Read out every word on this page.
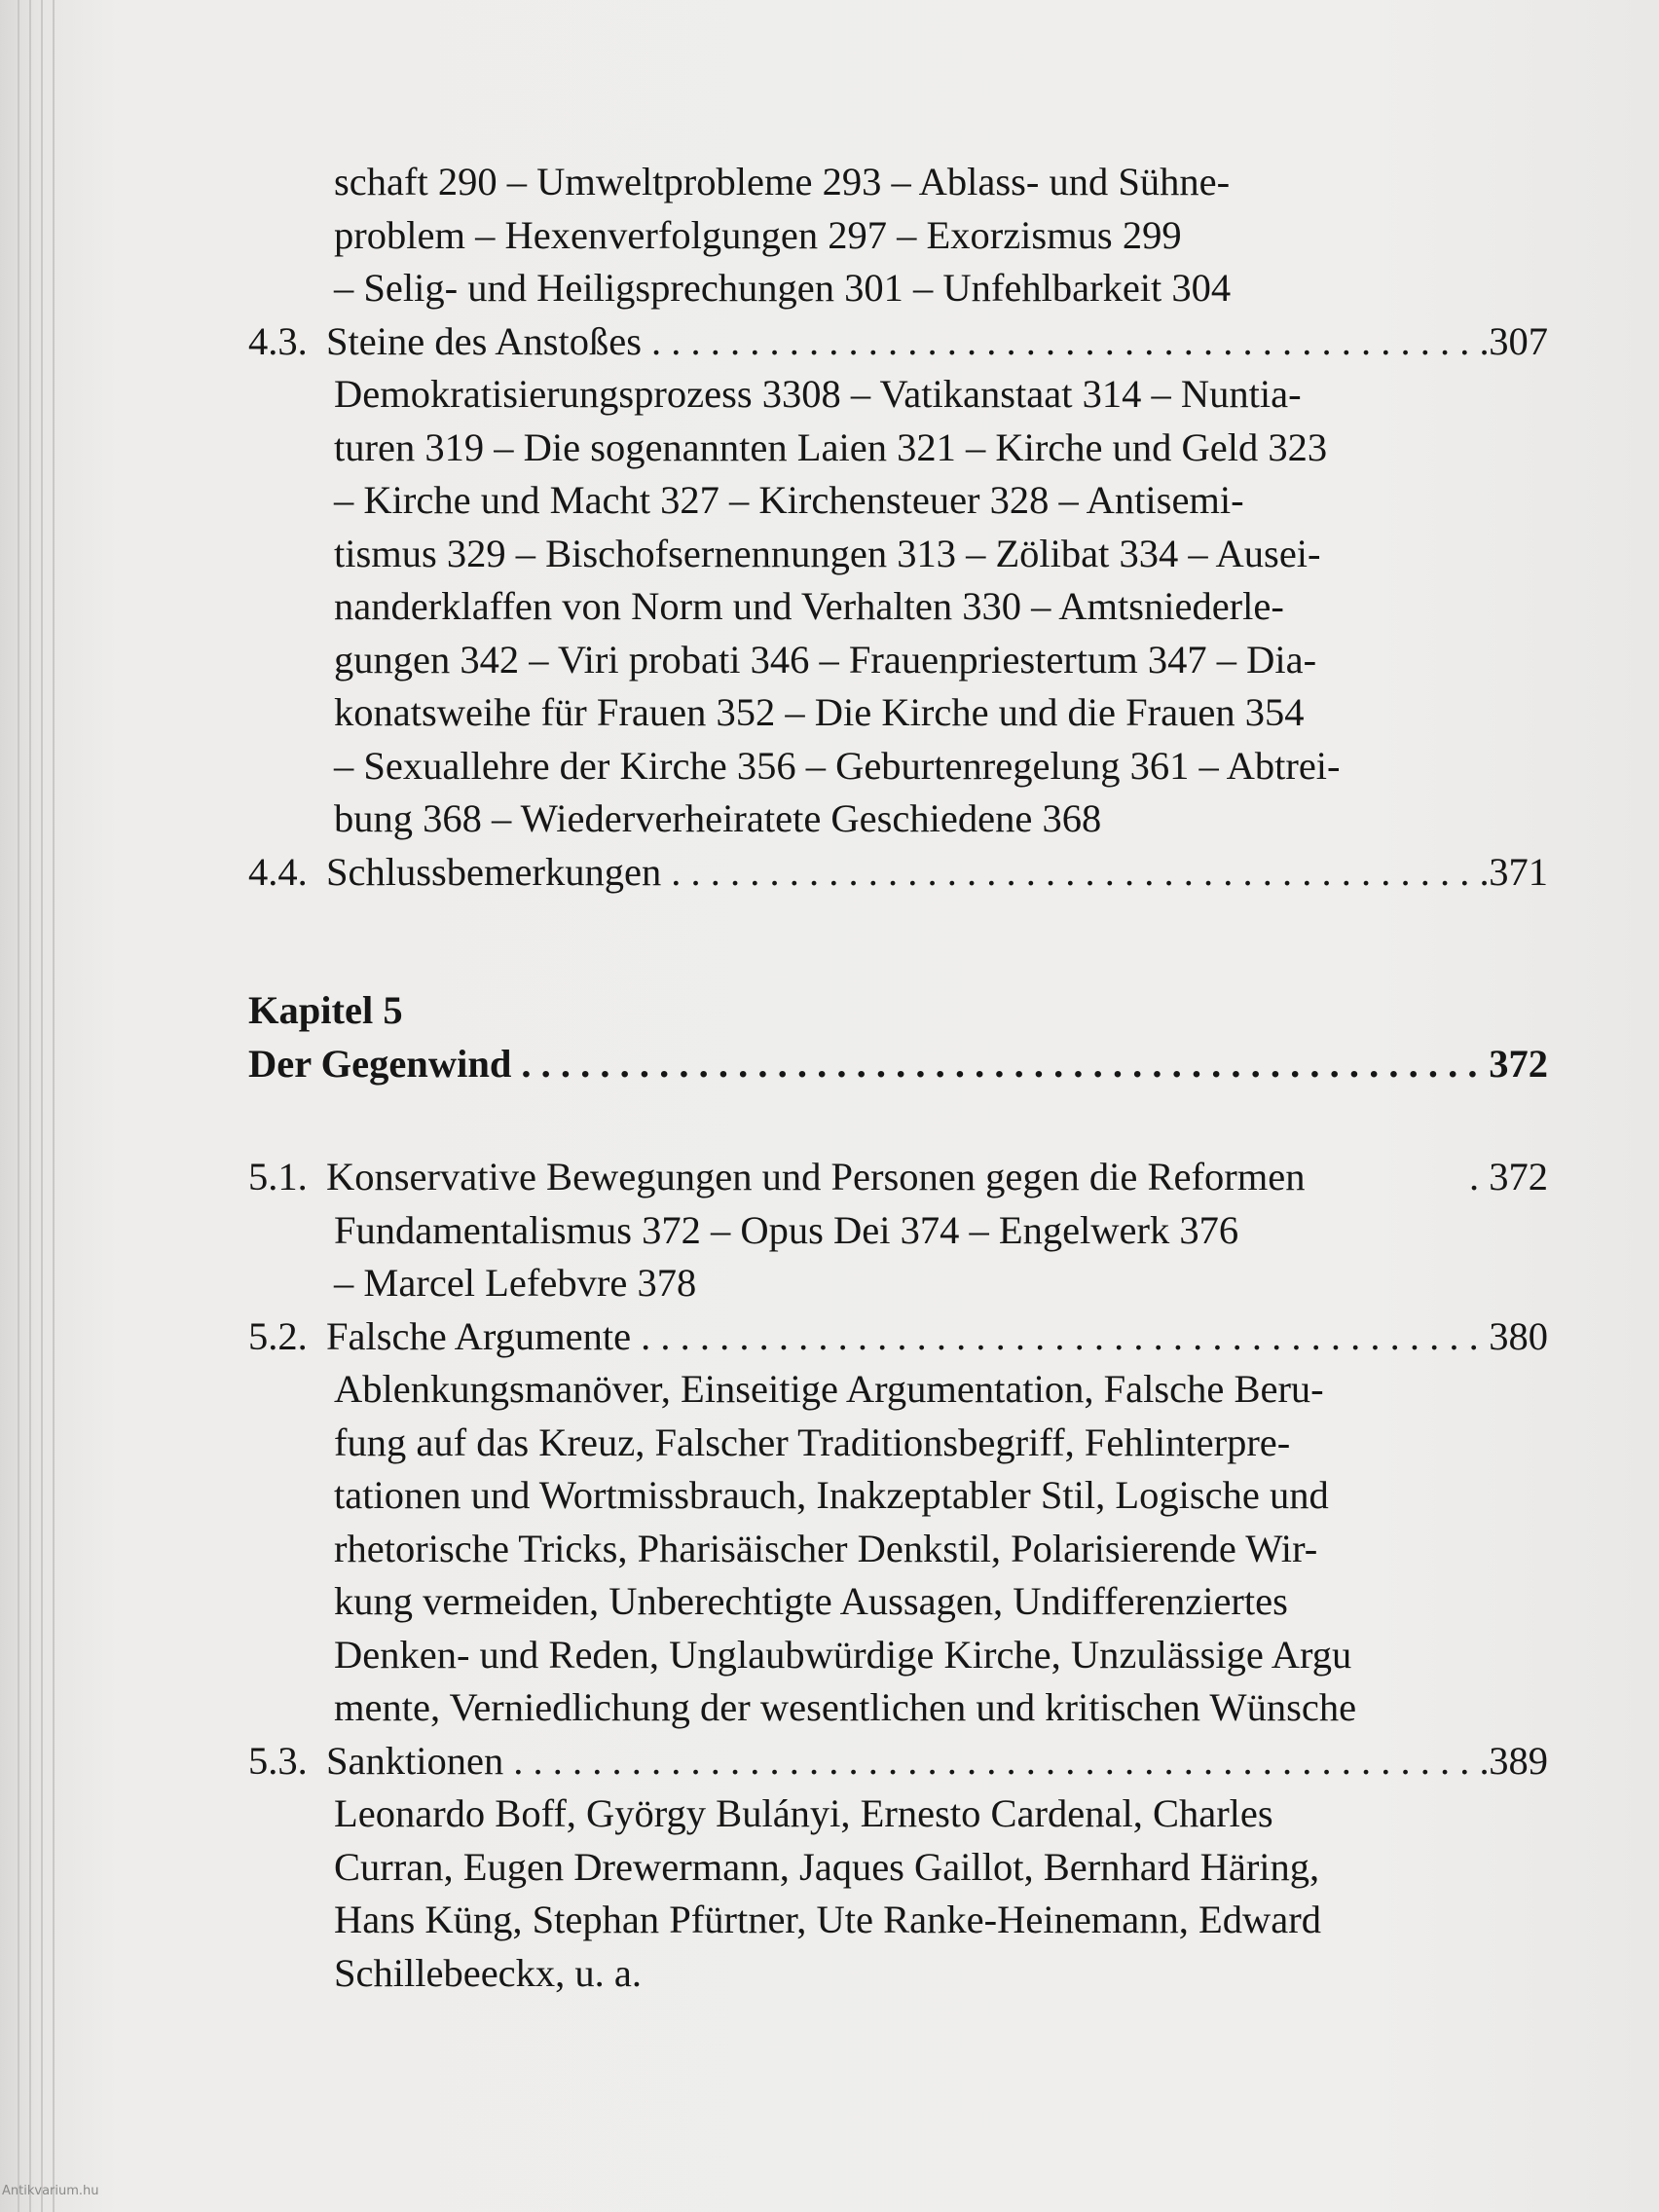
schaft 290 – Umweltprobleme 293 – Ablass- und Sühne-
problem – Hexenverfolgungen 297 – Exorzismus 299
– Selig- und Heiligsprechungen 301 – Unfehlbarkeit 304
4.3. Steine des Anstoßes . . .	307
Demokratisierungsprozess 3308 – Vatikanstaat 314 – Nuntia-
turen 319 – Die sogenannten Laien 321 – Kirche und Geld 323
– Kirche und Macht 327 – Kirchensteuer 328 – Antisemi-
tismus 329 – Bischofsernennungen 313 – Zölibat 334 – Ausei-
nanderklaffen von Norm und Verhalten 330 – Amtsniederle-
gungen 342 – Viri probati 346 – Frauenpriestertum 347 – Dia-
konatsweihe für Frauen 352 – Die Kirche und die Frauen 354
– Sexuallehre der Kirche 356 – Geburtenregelung 361 – Abtrei-
bung 368 – Wiederverheiratete Geschiedene 368
4.4. Schlussbemerkungen . . .	371
Kapitel 5
Der Gegenwind . . .	372
5.1. Konservative Bewegungen und Personen gegen die Reformen	. 372
Fundamentalismus 372 – Opus Dei 374 – Engelwerk 376
– Marcel Lefebvre 378
5.2. Falsche Argumente . . .	380
Ablenkungsmanöver, Einseitige Argumentation, Falsche Beru-
fung auf das Kreuz, Falscher Traditionsbegriff, Fehlinterpre-
tationen und Wortmissbrauch, Inakzeptabler Stil, Logische und
rhetorische Tricks, Pharisäischer Denkstil, Polarisierende Wir-
kung vermeiden, Unberechtigte Aussagen, Undifferenziertes
Denken- und Reden, Unglaubwürdige Kirche, Unzulässige Argu
mente, Verniedlichung der wesentlichen und kritischen Wünsche
5.3. Sanktionen . . .	389
Leonardo Boff, György Bulányi, Ernesto Cardenal, Charles
Curran, Eugen Drewermann, Jaques Gaillot, Bernhard Häring,
Hans Küng, Stephan Pfürtner, Ute Ranke-Heinemann, Edward
Schillebeeckx, u. a.
Antikvarium.hu
